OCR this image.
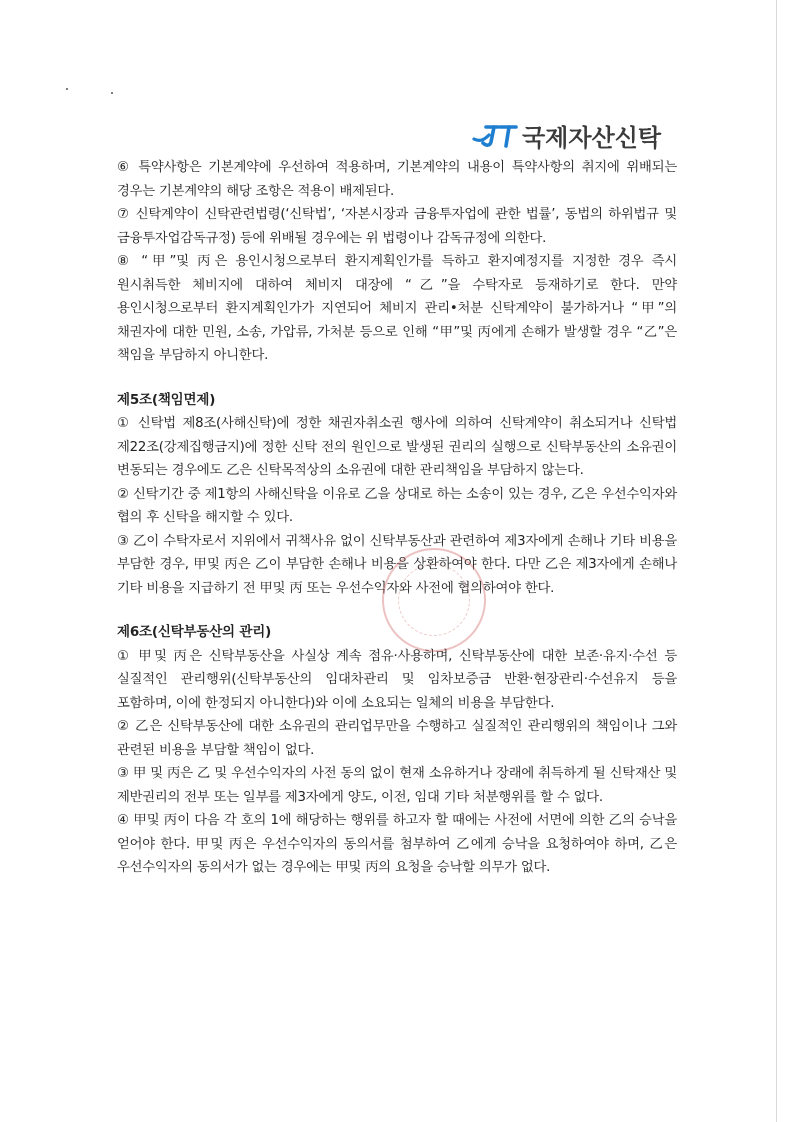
국제자산신탁

⑥ 특약사항은 기본계약에 우선하여 적용하며, 기본계약의 내용이 특약사항의 취지에 위배되는 경우는 기본계약의 해당 조항은 적용이 배제된다.

⑦ 신탁계약이 신탁관련법령(‘신탁법’, ‘자본시장과 금융투자업에 관한 법률’, 동법의 하위법규 및 금융투자업감독규정) 등에 위배될 경우에는 위 법령이나 감독규정에 의한다.

⑧ “甲”및 丙은 용인시청으로부터 환지계획인가를 득하고 환지예정지를 지정한 경우 즉시 원시취득한 체비지에 대하여 체비지 대장에 “乙”을 수탁자로 등재하기로 한다. 만약 용인시청으로부터 환지계획인가가 지연되어 체비지 관리•처분 신탁계약이 불가하거나 “甲”의 채권자에 대한 민원, 소송, 가압류, 가처분 등으로 인해 “甲”및 丙에게 손해가 발생할 경우 “乙”은 책임을 부담하지 아니한다.

제5조(책임면제)

① 신탁법 제8조(사해신탁)에 정한 채권자취소권 행사에 의하여 신탁계약이 취소되거나 신탁법 제22조(강제집행금지)에 정한 신탁 전의 원인으로 발생된 권리의 실행으로 신탁부동산의 소유권이 변동되는 경우에도 乙은 신탁목적상의 소유권에 대한 관리책임을 부담하지 않는다.

② 신탁기간 중 제1항의 사해신탁을 이유로 乙을 상대로 하는 소송이 있는 경우, 乙은 우선수익자와 협의 후 신탁을 해지할 수 있다.

③ 乙이 수탁자로서 지위에서 귀책사유 없이 신탁부동산과 관련하여 제3자에게 손해나 기타 비용을 부담한 경우, 甲및 丙은 乙이 부담한 손해나 비용을 상환하여야 한다. 다만 乙은 제3자에게 손해나 기타 비용을 지급하기 전 甲및 丙 또는 우선수익자와 사전에 협의하여야 한다.

제6조(신탁부동산의 관리)

① 甲및 丙은 신탁부동산을 사실상 계속 점유·사용하며, 신탁부동산에 대한 보존·유지·수선 등 실질적인 관리행위(신탁부동산의 임대차관리 및 임차보증금 반환·현장관리·수선유지 등을 포함하며, 이에 한정되지 아니한다)와 이에 소요되는 일체의 비용을 부담한다.

② 乙은 신탁부동산에 대한 소유권의 관리업무만을 수행하고 실질적인 관리행위의 책임이나 그와 관련된 비용을 부담할 책임이 없다.

③ 甲 및 丙은 乙 및 우선수익자의 사전 동의 없이 현재 소유하거나 장래에 취득하게 될 신탁재산 및 제반권리의 전부 또는 일부를 제3자에게 양도, 이전, 임대 기타 처분행위를 할 수 없다.

④ 甲및 丙이 다음 각 호의 1에 해당하는 행위를 하고자 할 때에는 사전에 서면에 의한 乙의 승낙을 얻어야 한다. 甲및 丙은 우선수익자의 동의서를 첨부하여 乙에게 승낙을 요청하여야 하며, 乙은 우선수익자의 동의서가 없는 경우에는 甲및 丙의 요청을 승낙할 의무가 없다.
